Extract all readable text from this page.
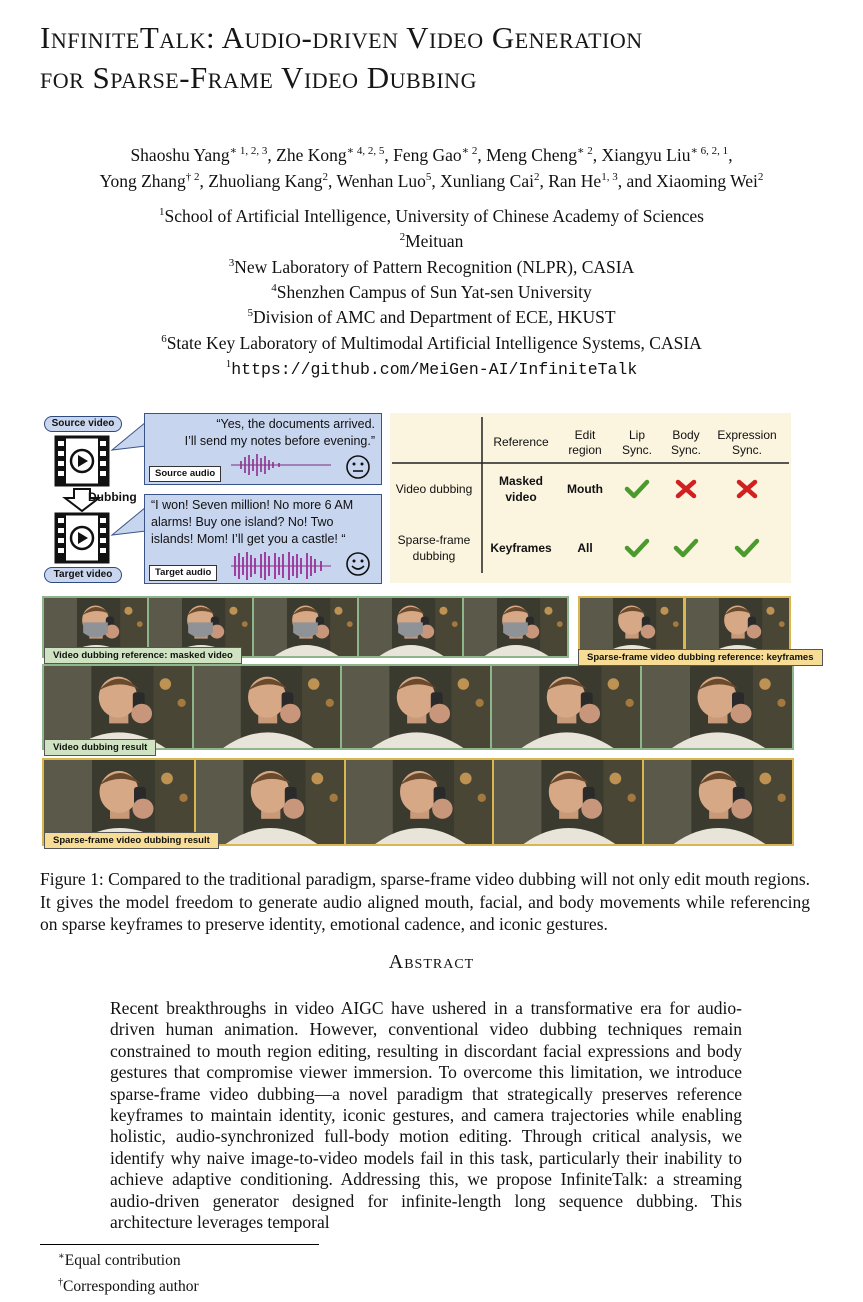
InfiniteTalk: Audio-driven Video Generation
for Sparse-Frame Video Dubbing
Shaoshu Yang$^{∗ 1, 2, 3}$, Zhe Kong$^{∗ 4, 2, 5}$, Feng Gao$^{∗ 2}$, Meng Cheng$^{∗ 2}$, Xiangyu Liu$^{∗ 6, 2, 1}$,
Yong Zhang$^{\dagger 2}$, Zhuoliang Kang$^2$, Wenhan Luo$^5$, Xunliang Cai$^2$, Ran He$^{1, 3}$, and Xiaoming Wei$^2$
$^1$School of Artificial Intelligence, University of Chinese Academy of Sciences
$^2$Meituan
$^3$New Laboratory of Pattern Recognition (NLPR), CASIA
$^4$Shenzhen Campus of Sun Yat-sen University
$^5$Division of AMC and Department of ECE, HKUST
$^6$State Key Laboratory of Multimodal Artificial Intelligence Systems, CASIA
$^1$https://github.com/MeiGen-AI/InfiniteTalk
Source video
Dubbing
Target video
“Yes, the documents arrived.
I’ll send my notes before evening.”
Source audio
“I won! Seven million! No more 6 AM
alarms! Buy one island? No! Two
islands! Mom! I’ll get you a castle! “
Target audio
Reference Edit
region
Lip
Sync.
Body
Sync.
Expression
Sync.
Video dubbing
Masked
video
Mouth
Sparse-frame
dubbing
Keyframes All
Video dubbing reference: masked video	Sparse-frame video dubbing reference: keyframes
Video dubbing result
Sparse-frame video dubbing result
Figure 1: Compared to the traditional paradigm, sparse-frame video dubbing will not only edit mouth regions. It gives the model freedom to generate audio aligned mouth, facial, and body movements while referencing on sparse keyframes to preserve identity, emotional cadence, and iconic gestures.
Abstract
Recent breakthroughs in video AIGC have ushered in a transformative era for audio-driven human animation. However, conventional video dubbing techniques remain constrained to mouth region editing, resulting in discordant facial expressions and body gestures that compromise viewer immersion. To overcome this limitation, we introduce sparse-frame video dubbing—a novel paradigm that strategically preserves reference keyframes to maintain identity, iconic gestures, and camera trajectories while enabling holistic, audio-synchronized full-body motion editing. Through critical analysis, we identify why naive image-to-video models fail in this task, particularly their inability to achieve adaptive conditioning. Addressing this, we propose InfiniteTalk: a streaming audio-driven generator designed for infinite-length long sequence dubbing. This architecture leverages temporal
∗Equal contribution
†Corresponding author
